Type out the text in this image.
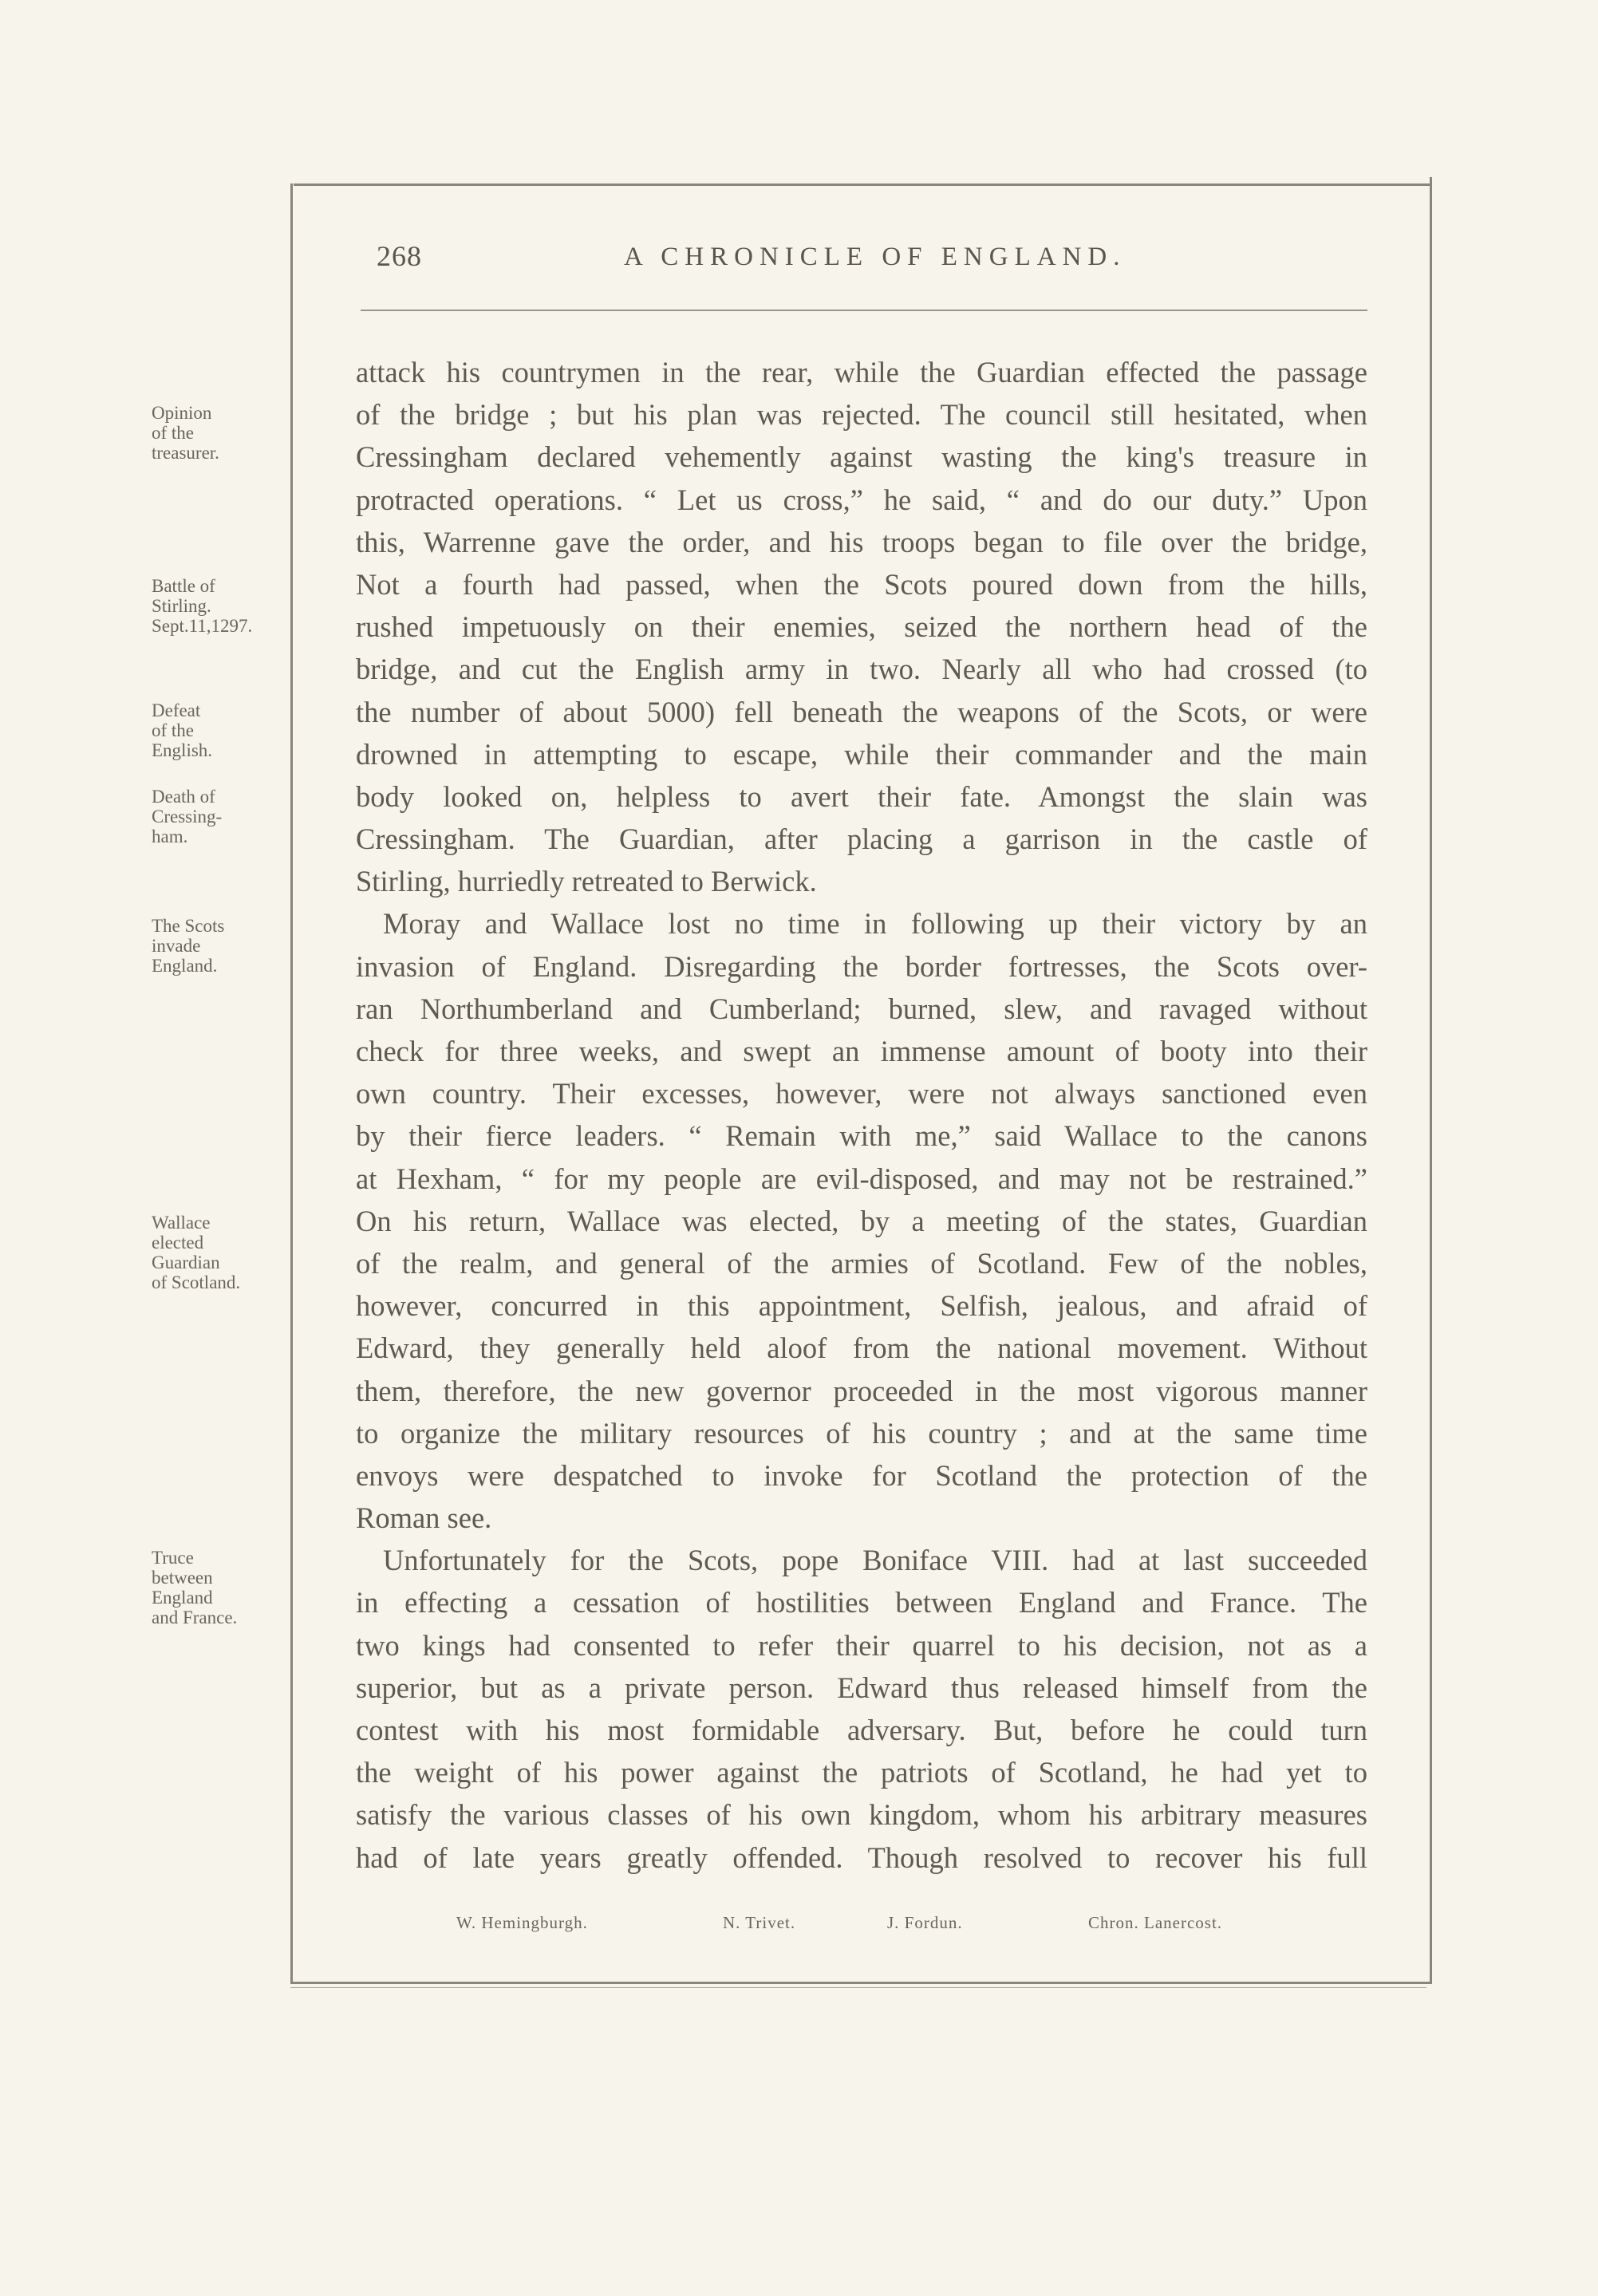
268	A CHRONICLE OF ENGLAND.
Opinion
of the
treasurer.
Battle of
Stirling.
Sept.11,1297.
Defeat
of the
English.
Death of
Cressing-
ham.
The Scots
invade
England.
Wallace
elected
Guardian
of Scotland.
Truce
between
England
and France.
attack his countrymen in the rear, while the Guardian effected the passage
of the bridge ; but his plan was rejected. The council still hesitated, when
Cressingham declared vehemently against wasting the king's treasure in
protracted operations. “ Let us cross,” he said, “ and do our duty.” Upon
this, Warrenne gave the order, and his troops began to file over the bridge,
Not a fourth had passed, when the Scots poured down from the hills,
rushed impetuously on their enemies, seized the northern head of the
bridge, and cut the English army in two. Nearly all who had crossed (to
the number of about 5000) fell beneath the weapons of the Scots, or were
drowned in attempting to escape, while their commander and the main
body looked on, helpless to avert their fate. Amongst the slain was
Cressingham. The Guardian, after placing a garrison in the castle of
Stirling, hurriedly retreated to Berwick.
Moray and Wallace lost no time in following up their victory by an
invasion of England. Disregarding the border fortresses, the Scots over-
ran Northumberland and Cumberland; burned, slew, and ravaged without
check for three weeks, and swept an immense amount of booty into their
own country. Their excesses, however, were not always sanctioned even
by their fierce leaders. “ Remain with me,” said Wallace to the canons
at Hexham, “ for my people are evil-disposed, and may not be restrained.”
On his return, Wallace was elected, by a meeting of the states, Guardian
of the realm, and general of the armies of Scotland. Few of the nobles,
however, concurred in this appointment, Selfish, jealous, and afraid of
Edward, they generally held aloof from the national movement. Without
them, therefore, the new governor proceeded in the most vigorous manner
to organize the military resources of his country ; and at the same time
envoys were despatched to invoke for Scotland the protection of the
Roman see.
Unfortunately for the Scots, pope Boniface VIII. had at last succeeded
in effecting a cessation of hostilities between England and France. The
two kings had consented to refer their quarrel to his decision, not as a
superior, but as a private person. Edward thus released himself from the
contest with his most formidable adversary. But, before he could turn
the weight of his power against the patriots of Scotland, he had yet to
satisfy the various classes of his own kingdom, whom his arbitrary measures
had of late years greatly offended. Though resolved to recover his full
W. Hemingburgh.	N. Trivet.	J. Fordun.	Chron. Lanercost.
